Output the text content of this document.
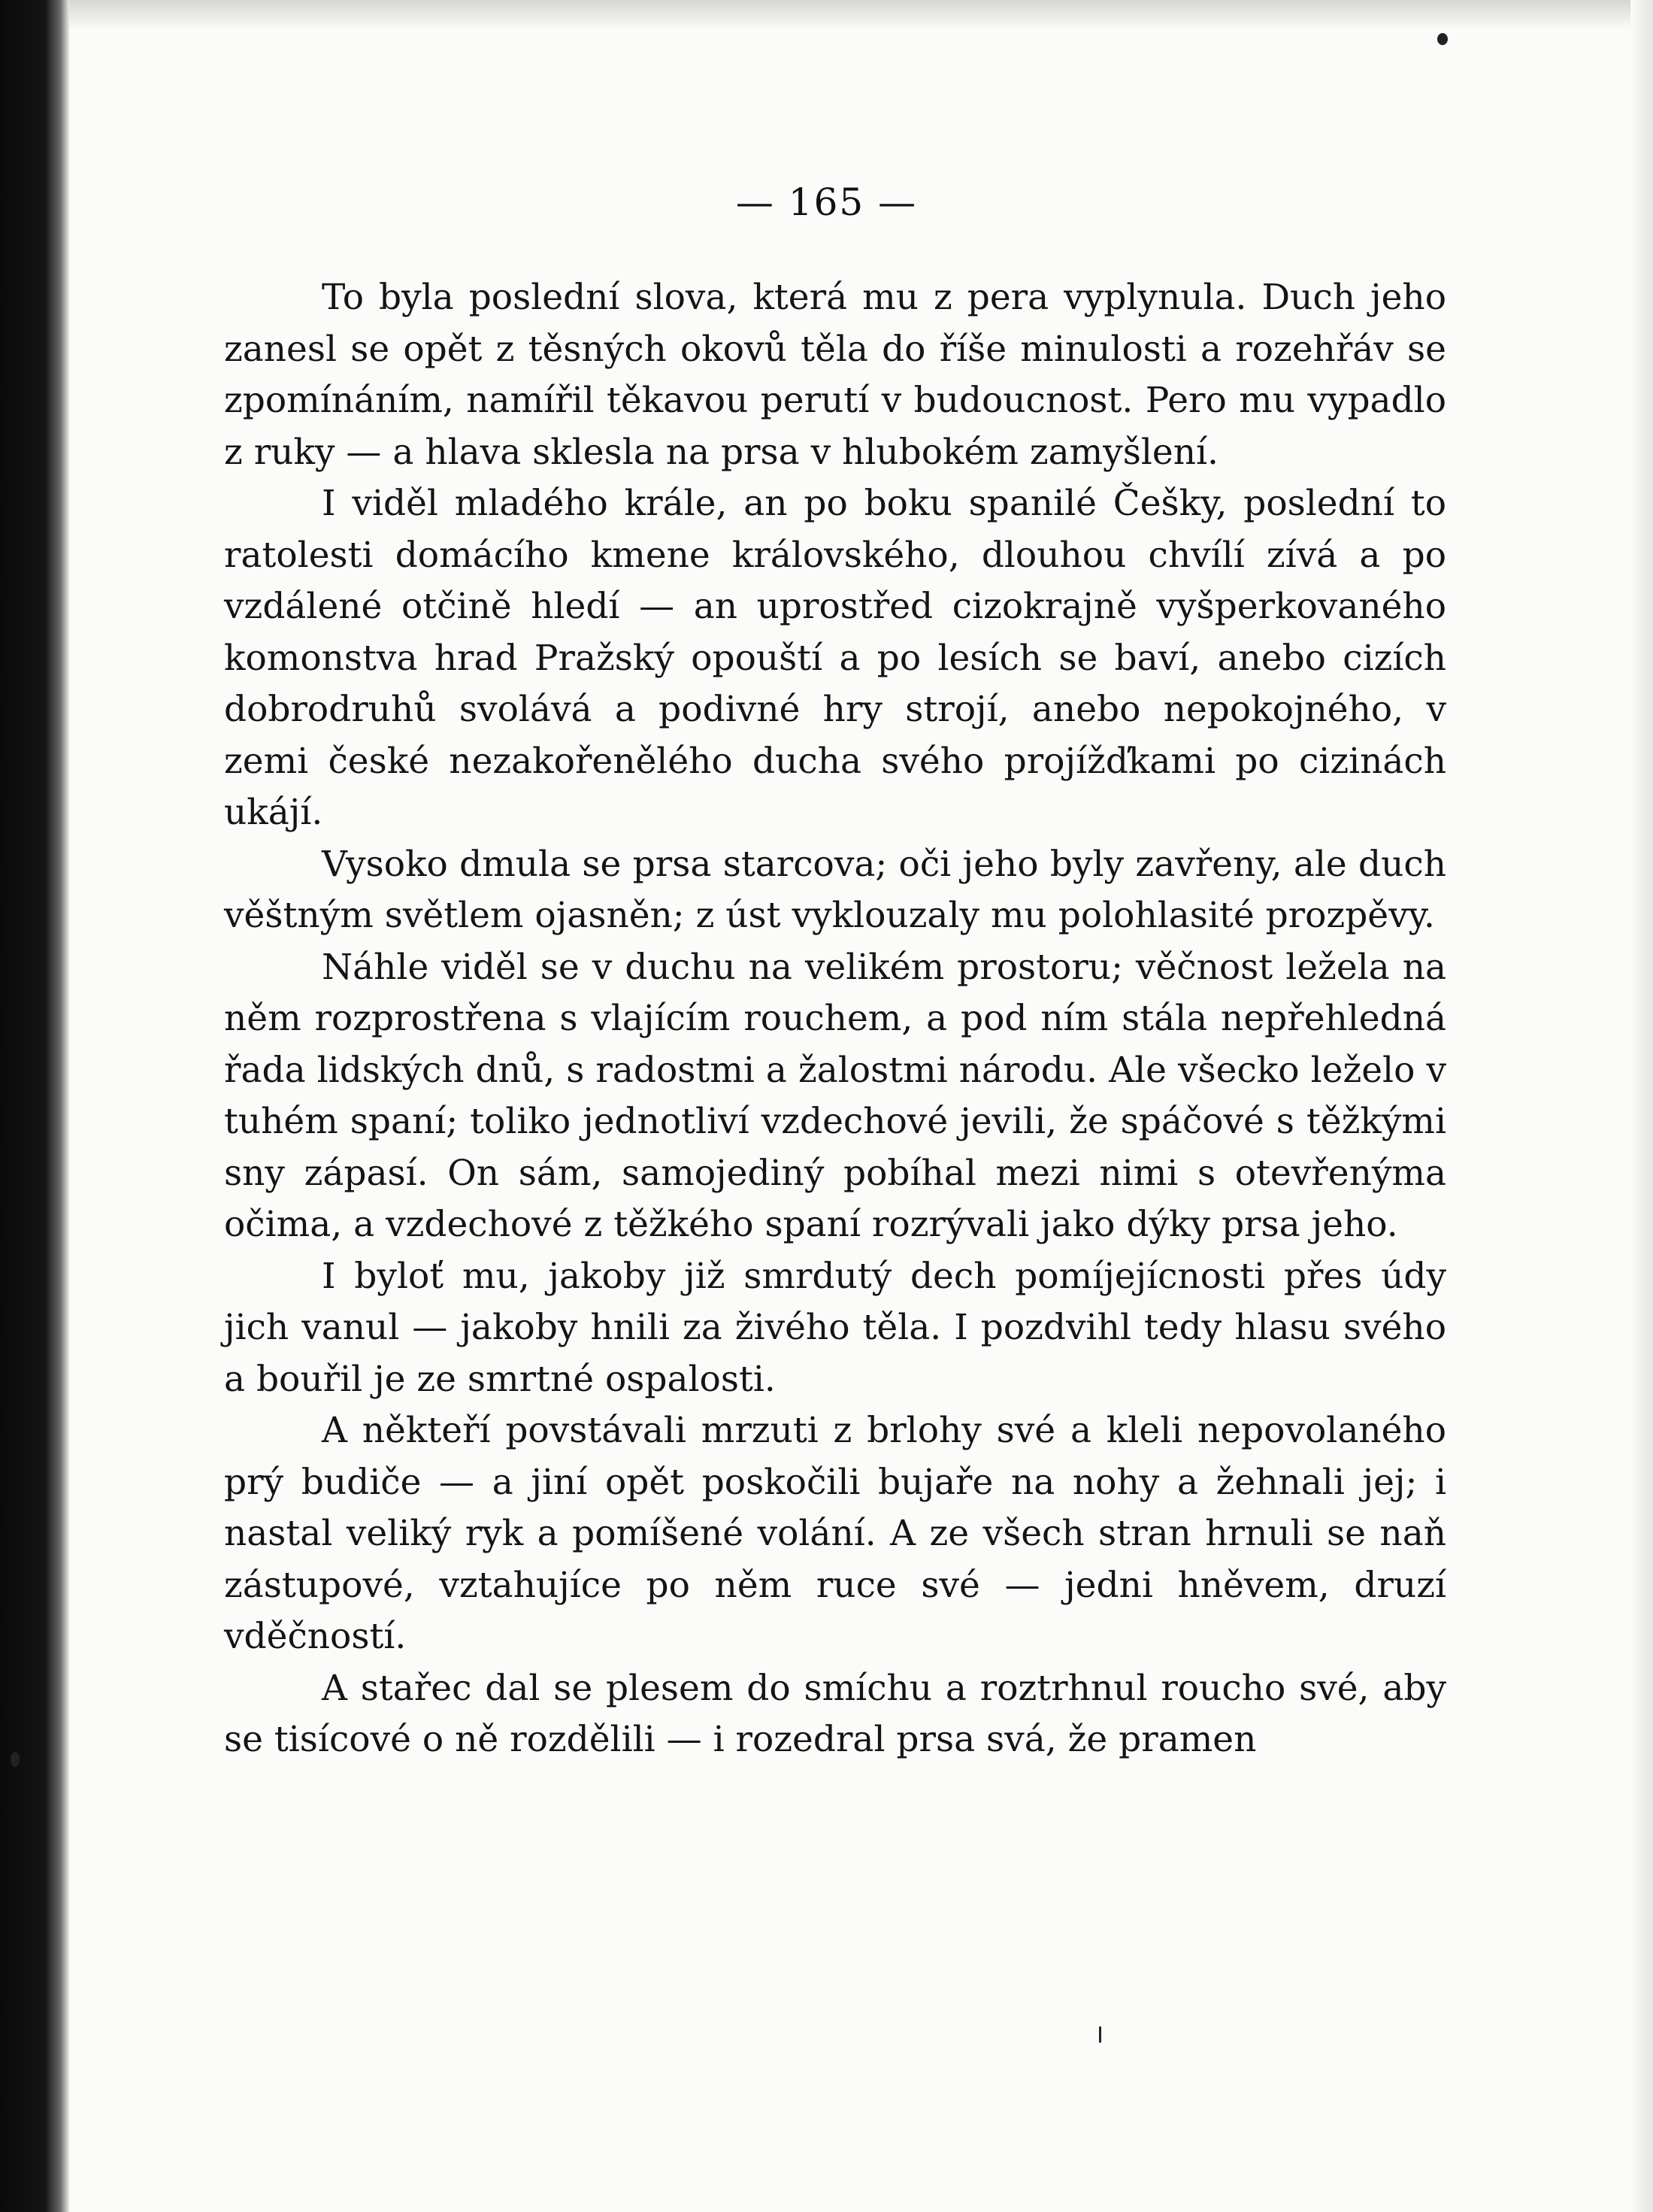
— 165 —

To byla poslední slova, která mu z pera vyplynula. Duch jeho zanesl se opět z těsných okovů těla do říše minulosti a rozehřáv se zpomínáním, namířil těkavou perutí v budoucnost. Pero mu vypadlo z ruky — a hlava sklesla na prsa v hlubokém zamyšlení.

I viděl mladého krále, an po boku spanilé Češky, poslední to ratolesti domácího kmene královského, dlouhou chvílí zívá a po vzdálené otčině hledí — an uprostřed cizokrajně vyšperkovaného komonstva hrad Pražský opouští a po lesích se baví, anebo cizích dobrodruhů svolává a podivné hry strojí, anebo nepokojného, v zemi české nezakořenělého ducha svého projížďkami po cizinách ukájí.

Vysoko dmula se prsa starcova; oči jeho byly zavřeny, ale duch věštným světlem ojasněn; z úst vyklouzaly mu polohlasité prozpěvy.

Náhle viděl se v duchu na velikém prostoru; věčnost ležela na něm rozprostřena s vlajícím rouchem, a pod ním stála nepřehledná řada lidských dnů, s radostmi a žalostmi národu. Ale všecko leželo v tuhém spaní; toliko jednotliví vzdechové jevili, že spáčové s těžkými sny zápasí. On sám, samojediný pobíhal mezi nimi s otevřenýma očima, a vzdechové z těžkého spaní rozrývali jako dýky prsa jeho.

I byloť mu, jakoby již smrdutý dech pomíjejícnosti přes údy jich vanul — jakoby hnili za živého těla. I pozdvihl tedy hlasu svého a bouřil je ze smrtné ospalosti.

A někteří povstávali mrzuti z brlohy své a kleli nepovolaného prý budiče — a jiní opět poskočili bujaře na nohy a žehnali jej; i nastal veliký ryk a pomíšené volání. A ze všech stran hrnuli se naň zástupové, vztahujíce po něm ruce své — jedni hněvem, druzí vděčností.

A stařec dal se plesem do smíchu a roztrhnul roucho své, aby se tisícové o ně rozdělili — i rozedral prsa svá, že pramen
